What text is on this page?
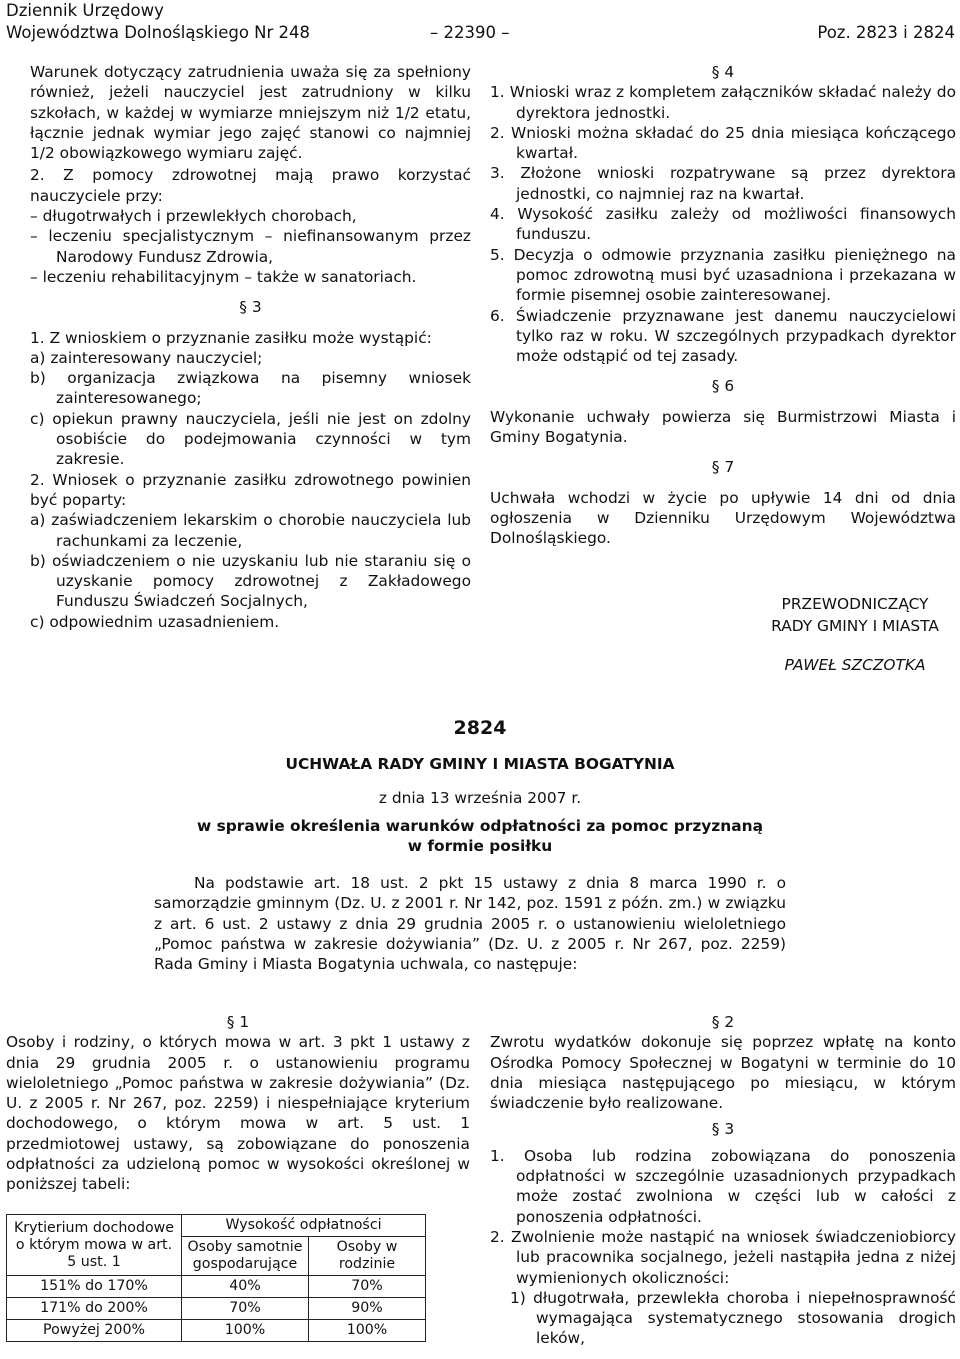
Dziennik Urzędowy
Województwa Dolnośląskiego Nr 248	– 22390 –	Poz. 2823 i 2824

Warunek dotyczący zatrudnienia uważa się za spełniony również, jeżeli nauczyciel jest zatrudniony w kilku szkołach, w każdej w wymiarze mniejszym niż 1/2 etatu, łącznie jednak wymiar jego zajęć stanowi co najmniej 1/2 obowiązkowego wymiaru zajęć.

2. Z pomocy zdrowotnej mają prawo korzystać nauczyciele przy:

– długotrwałych i przewlekłych chorobach,

– leczeniu specjalistycznym – niefinansowanym przez Narodowy Fundusz Zdrowia,

– leczeniu rehabilitacyjnym – także w sanatoriach.

§ 3

1. Z wnioskiem o przyznanie zasiłku może wystąpić:

a) zainteresowany nauczyciel;

b) organizacja związkowa na pisemny wniosek zainteresowanego;

c) opiekun prawny nauczyciela, jeśli nie jest on zdolny osobiście do podejmowania czynności w tym zakresie.

2. Wniosek o przyznanie zasiłku zdrowotnego powinien być poparty:

a) zaświadczeniem lekarskim o chorobie nauczyciela lub rachunkami za leczenie,

b) oświadczeniem o nie uzyskaniu lub nie staraniu się o uzyskanie pomocy zdrowotnej z Zakładowego Funduszu Świadczeń Socjalnych,

c) odpowiednim uzasadnieniem.

§ 4

1. Wnioski wraz z kompletem załączników składać należy do dyrektora jednostki.

2. Wnioski można składać do 25 dnia miesiąca kończącego kwartał.

3. Złożone wnioski rozpatrywane są przez dyrektora jednostki, co najmniej raz na kwartał.

4. Wysokość zasiłku zależy od możliwości finansowych funduszu.

5. Decyzja o odmowie przyznania zasiłku pieniężnego na pomoc zdrowotną musi być uzasadniona i przekazana w formie pisemnej osobie zainteresowanej.

6. Świadczenie przyznawane jest danemu nauczycielowi tylko raz w roku. W szczególnych przypadkach dyrektor może odstąpić od tej zasady.

§ 6

Wykonanie uchwały powierza się Burmistrzowi Miasta i Gminy Bogatynia.

§ 7

Uchwała wchodzi w życie po upływie 14 dni od dnia ogłoszenia w Dzienniku Urzędowym Województwa Dolnośląskiego.

PRZEWODNICZĄCY
RADY GMINY I MIASTA
PAWEŁ SZCZOTKA
2824
UCHWAŁA RADY GMINY I MIASTA BOGATYNIA
z dnia 13 września 2007 r.
w sprawie określenia warunków odpłatności za pomoc przyznaną
w formie posiłku
Na podstawie art. 18 ust. 2 pkt 15 ustawy z dnia 8 marca 1990 r. o samorządzie gminnym (Dz. U. z 2001 r. Nr 142, poz. 1591 z późn. zm.) w związku z art. 6 ust. 2 ustawy z dnia 29 grudnia 2005 r. o ustanowieniu wieloletniego „Pomoc państwa w zakresie dożywiania” (Dz. U. z 2005 r. Nr 267, poz. 2259) Rada Gminy i Miasta Bogatynia uchwala, co następuje:

§ 1

Osoby i rodziny, o których mowa w art. 3 pkt 1 ustawy z dnia 29 grudnia 2005 r. o ustanowieniu programu wieloletniego „Pomoc państwa w zakresie dożywiania” (Dz. U. z 2005 r. Nr 267, poz. 2259) i niespełniające kryterium dochodowego, o którym mowa w art. 5 ust. 1 przedmiotowej ustawy, są zobowiązane do ponoszenia odpłatności za udzieloną pomoc w wysokości określonej w poniższej tabeli:

Krytierium dochodowe o którym mowa w art. 5 ust. 1	Wysokość odpłatności	
	Osoby samotnie gospodarujące	Osoby w rodzinie
151% do 170%	40%	70%
171% do 200%	70%	90%
Powyżej 200%	100%	100%

§ 2

Zwrotu wydatków dokonuje się poprzez wpłatę na konto Ośrodka Pomocy Społecznej w Bogatyni w terminie do 10 dnia miesiąca następującego po miesiącu, w którym świadczenie było realizowane.

§ 3

1. Osoba lub rodzina zobowiązana do ponoszenia odpłatności w szczególnie uzasadnionych przypadkach może zostać zwolniona w części lub w całości z ponoszenia odpłatności.

2. Zwolnienie może nastąpić na wniosek świadczeniobiorcy lub pracownika socjalnego, jeżeli nastąpiła jedna z niżej wymienionych okoliczności:

1) długotrwała, przewlekła choroba i niepełnosprawność wymagająca systematycznego stosowania drogich leków,
